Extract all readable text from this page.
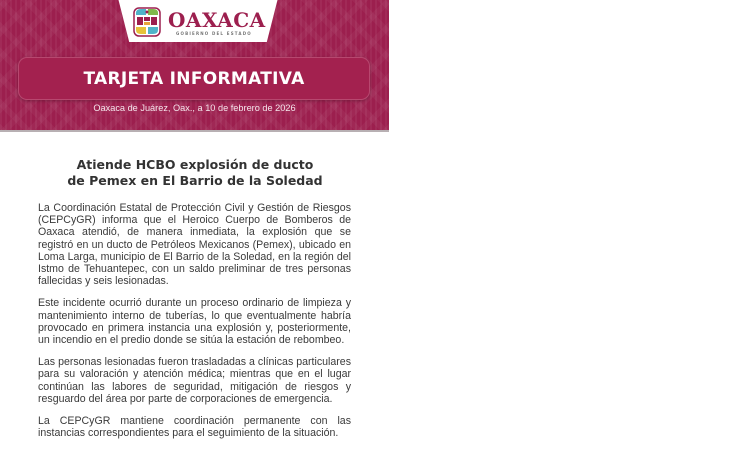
OAXACA
GOBIERNO DEL ESTADO
TARJETA INFORMATIVA
Oaxaca de Juárez, Oax., a 10 de febrero de 2026
Atiende HCBO explosión de ducto
de Pemex en El Barrio de la Soledad

La Coordinación Estatal de Protección Civil y Gestión de Riesgos (CEPCyGR) informa que el Heroico Cuerpo de Bomberos de Oaxaca atendió, de manera inmediata, la explosión que se registró en un ducto de Petróleos Mexicanos (Pemex), ubicado en Loma Larga, municipio de El Barrio de la Soledad, en la región del Istmo de Tehuantepec, con un saldo preliminar de tres personas fallecidas y seis lesionadas.

Este incidente ocurrió durante un proceso ordinario de limpieza y mantenimiento interno de tuberías, lo que eventualmente habría provocado en primera instancia una explosión y, posteriormente, un incendio en el predio donde se sitúa la estación de rebombeo.

Las personas lesionadas fueron trasladadas a clínicas particulares para su valoración y atención médica; mientras que en el lugar continúan las labores de seguridad, mitigación de riesgos y resguardo del área por parte de corporaciones de emergencia.

La CEPCyGR mantiene coordinación permanente con las instancias correspondientes para el seguimiento de la situación.
